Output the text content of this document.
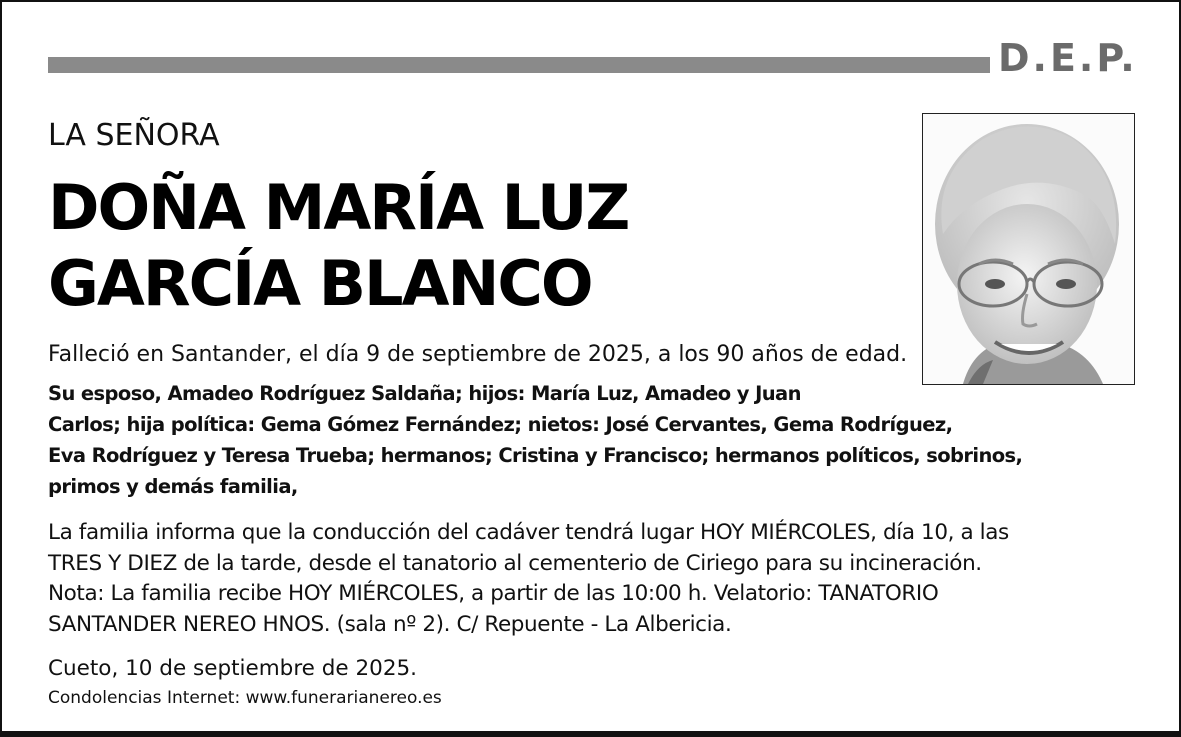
D.E.P.
LA SEÑORA
DOÑA MARÍA LUZ
GARCÍA BLANCO
Falleció en Santander, el día 9 de septiembre de 2025, a los 90 años de edad.
Su esposo, Amadeo Rodríguez Saldaña; hijos: María Luz, Amadeo y Juan
Carlos; hija política: Gema Gómez Fernández; nietos: José Cervantes, Gema Rodríguez,
Eva Rodríguez y Teresa Trueba; hermanos; Cristina y Francisco; hermanos políticos, sobrinos,
primos y demás familia,
La familia informa que la conducción del cadáver tendrá lugar HOY MIÉRCOLES, día 10, a las
TRES Y DIEZ de la tarde, desde el tanatorio al cementerio de Ciriego para su incineración.
Nota: La familia recibe HOY MIÉRCOLES, a partir de las 10:00 h. Velatorio: TANATORIO
SANTANDER NEREO HNOS. (sala nº 2). C/ Repuente - La Albericia.
Cueto, 10 de septiembre de 2025.
Condolencias Internet: www.funerarianereo.es
